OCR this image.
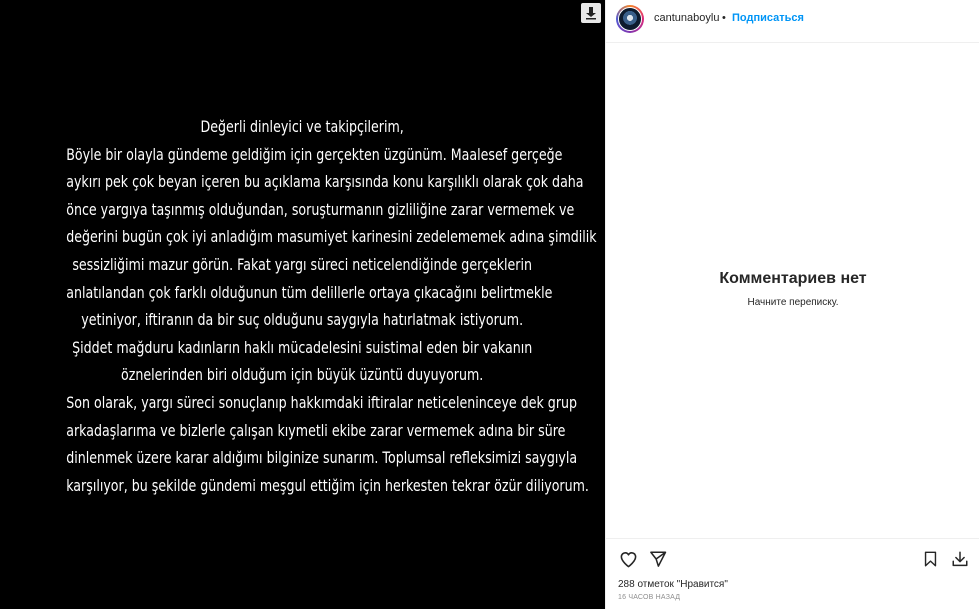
Değerli dinleyici ve takipçilerim,
Böyle bir olayla gündeme geldiğim için gerçekten üzgünüm. Maalesef gerçeğe
aykırı pek çok beyan içeren bu açıklama karşısında konu karşılıklı olarak çok daha
önce yargıya taşınmış olduğundan, soruşturmanın gizliliğine zarar vermemek ve
değerini bugün çok iyi anladığım masumiyet karinesini zedelememek adına şimdilik
sessizliğimi mazur görün. Fakat yargı süreci neticelendiğinde gerçeklerin
anlatılandan çok farklı olduğunun tüm delillerle ortaya çıkacağını belirtmekle
yetiniyor, iftiranın da bir suç olduğunu saygıyla hatırlatmak istiyorum.
Şiddet mağduru kadınların haklı mücadelesini suistimal eden bir vakanın
öznelerinden biri olduğum için büyük üzüntü duyuyorum.
Son olarak, yargı süreci sonuçlanıp hakkımdaki iftiralar neticeleninceye dek grup
arkadaşlarıma ve bizlerle çalışan kıymetli ekibe zarar vermemek adına bir süre
dinlenmek üzere karar aldığımı bilginize sunarım. Toplumsal refleksimizi saygıyla
karşılıyor, bu şekilde gündemi meşgul ettiğim için herkesten tekrar özür diliyorum.
cantunaboylu • Подписаться
Комментариев нет
Начните переписку.
288 отметок "Нравится"
16 ЧАСОВ НАЗАД
